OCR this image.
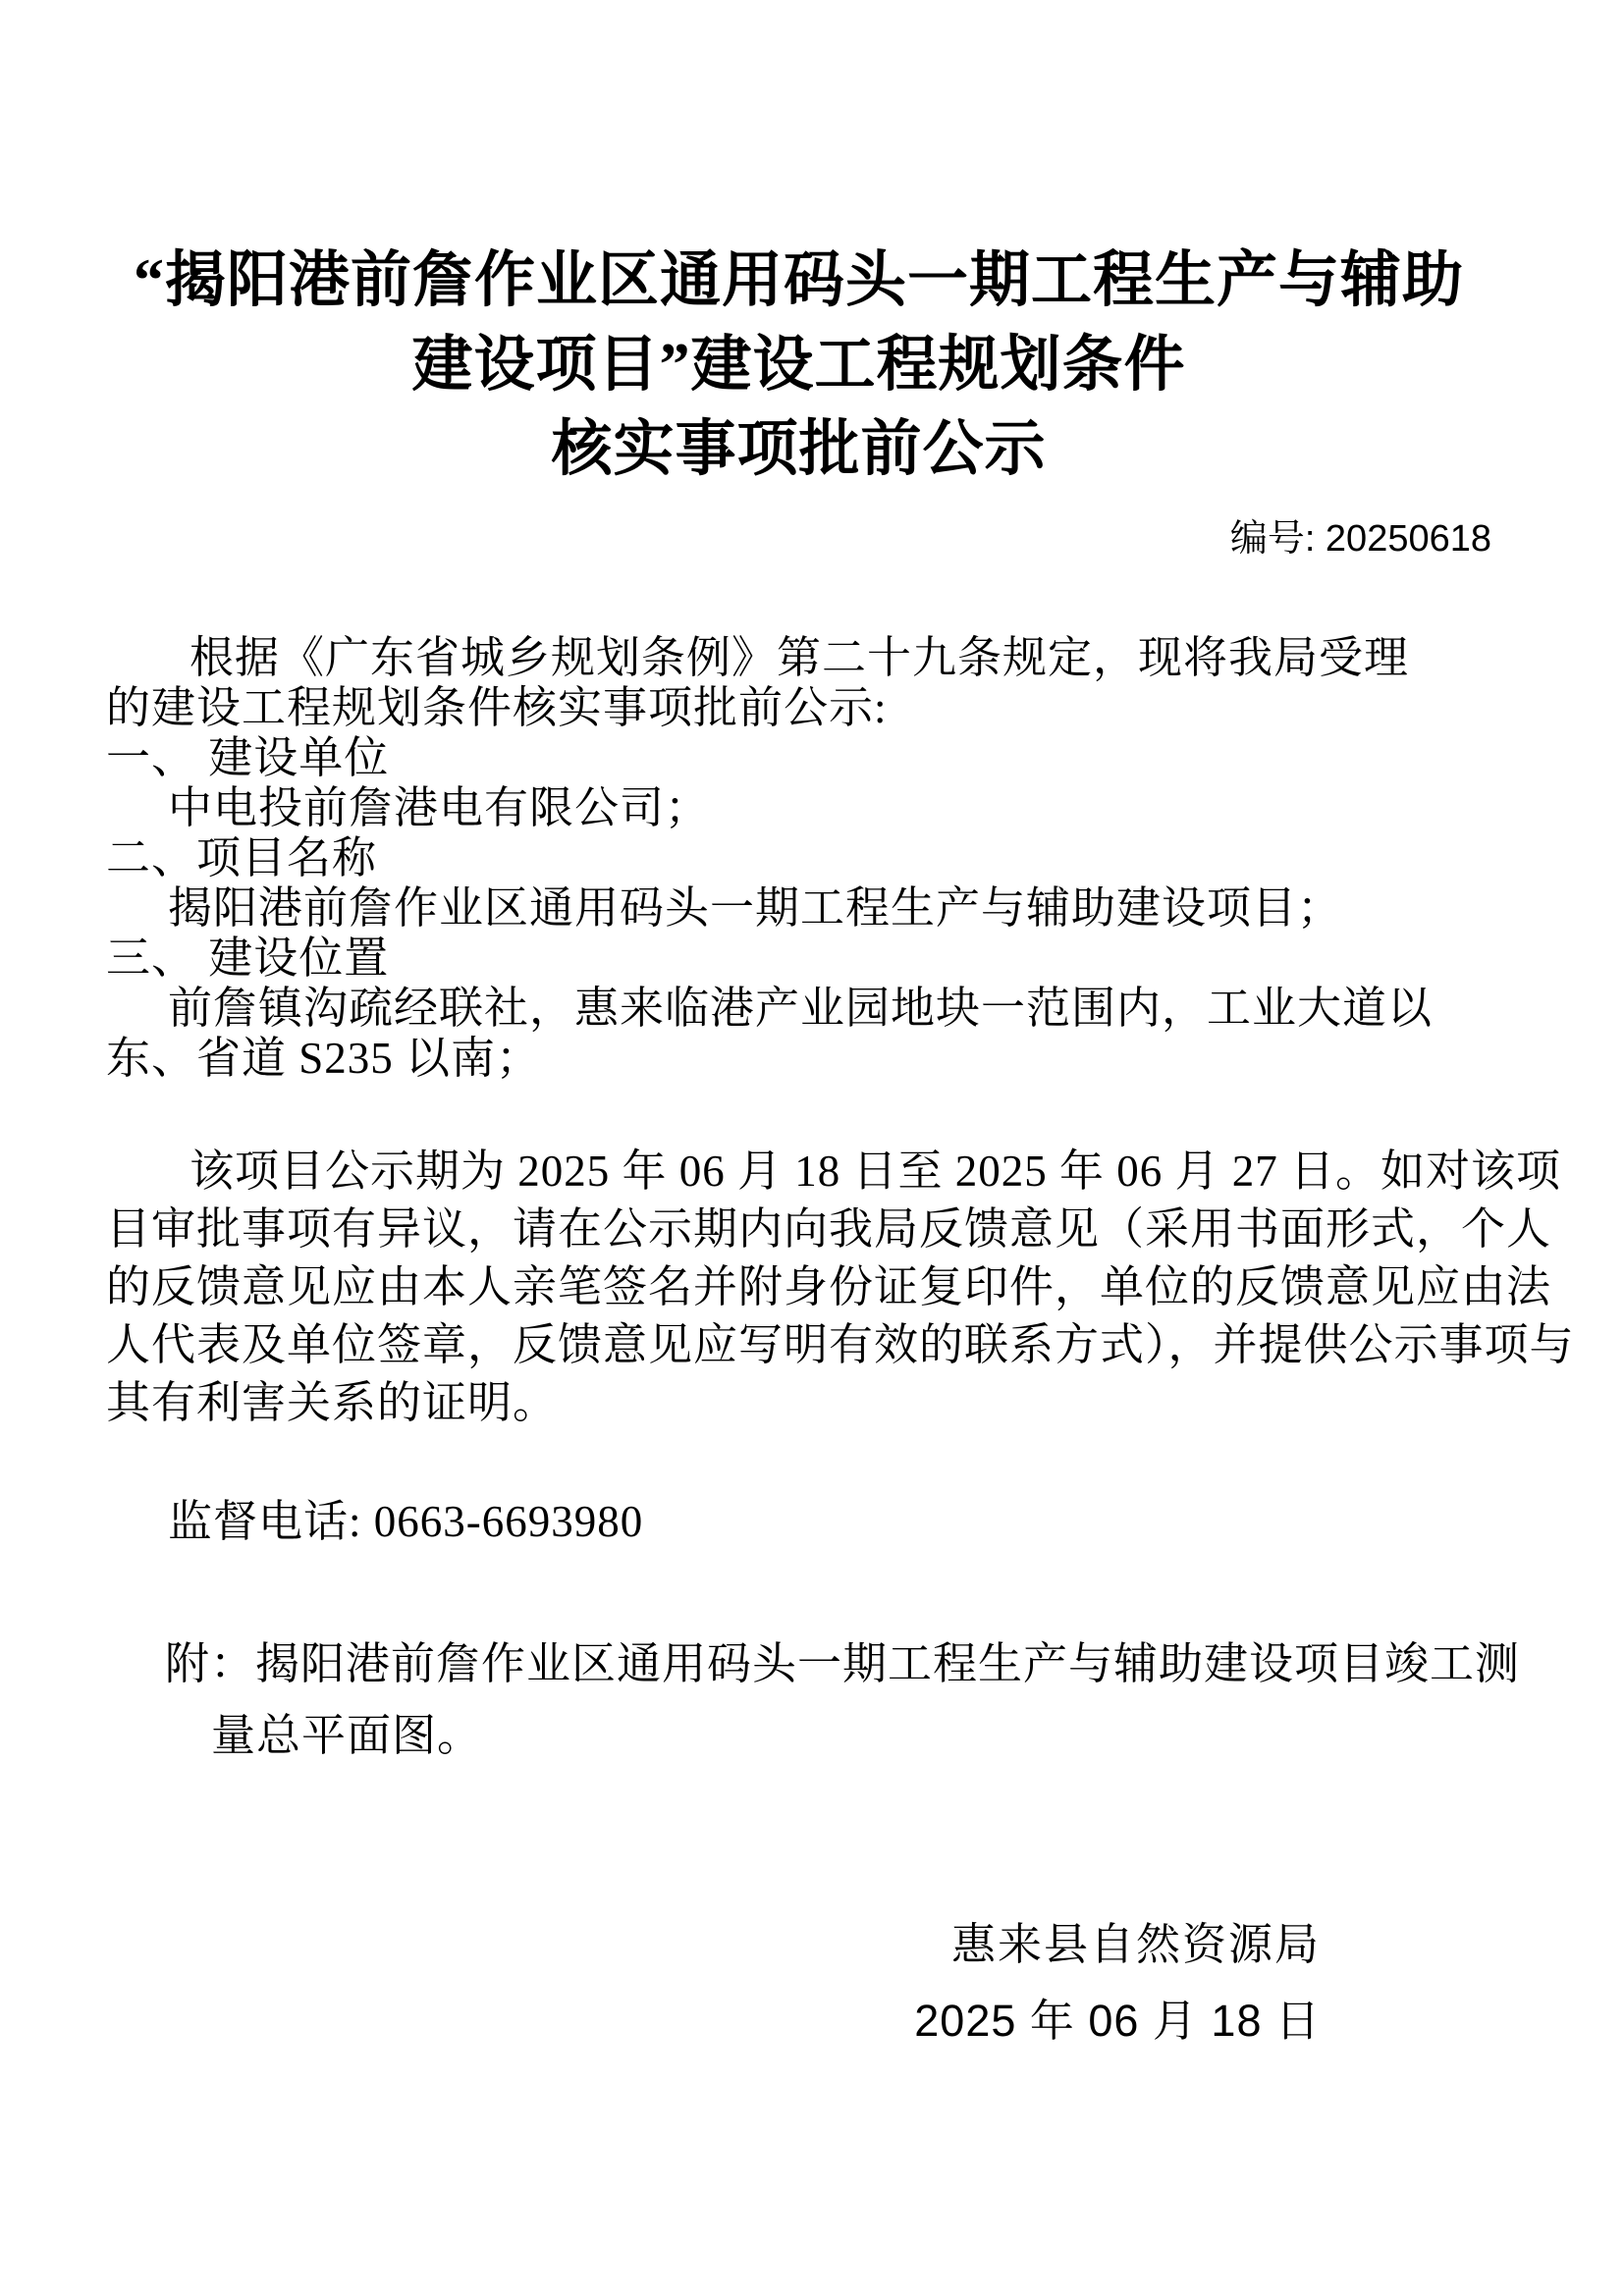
“揭阳港前詹作业区通用码头一期工程生产与辅助
建设项目”建设工程规划条件
核实事项批前公示
编号: 20250618
根据《广东省城乡规划条例》第二十九条规定，现将我局受理
的建设工程规划条件核实事项批前公示:
一、 建设单位
中电投前詹港电有限公司；
二、项目名称
揭阳港前詹作业区通用码头一期工程生产与辅助建设项目；
三、 建设位置
前詹镇沟疏经联社，惠来临港产业园地块一范围内，工业大道以
东、省道 S235 以南；
该项目公示期为 2025 年 06 月 18 日至 2025 年 06 月 27 日。如对该项
目审批事项有异议，请在公示期内向我局反馈意见（采用书面形式，个人
的反馈意见应由本人亲笔签名并附身份证复印件，单位的反馈意见应由法
人代表及单位签章，反馈意见应写明有效的联系方式），并提供公示事项与
其有利害关系的证明。
监督电话: 0663-6693980
附：揭阳港前詹作业区通用码头一期工程生产与辅助建设项目竣工测
量总平面图。
惠来县自然资源局
2025 年 06 月 18 日
